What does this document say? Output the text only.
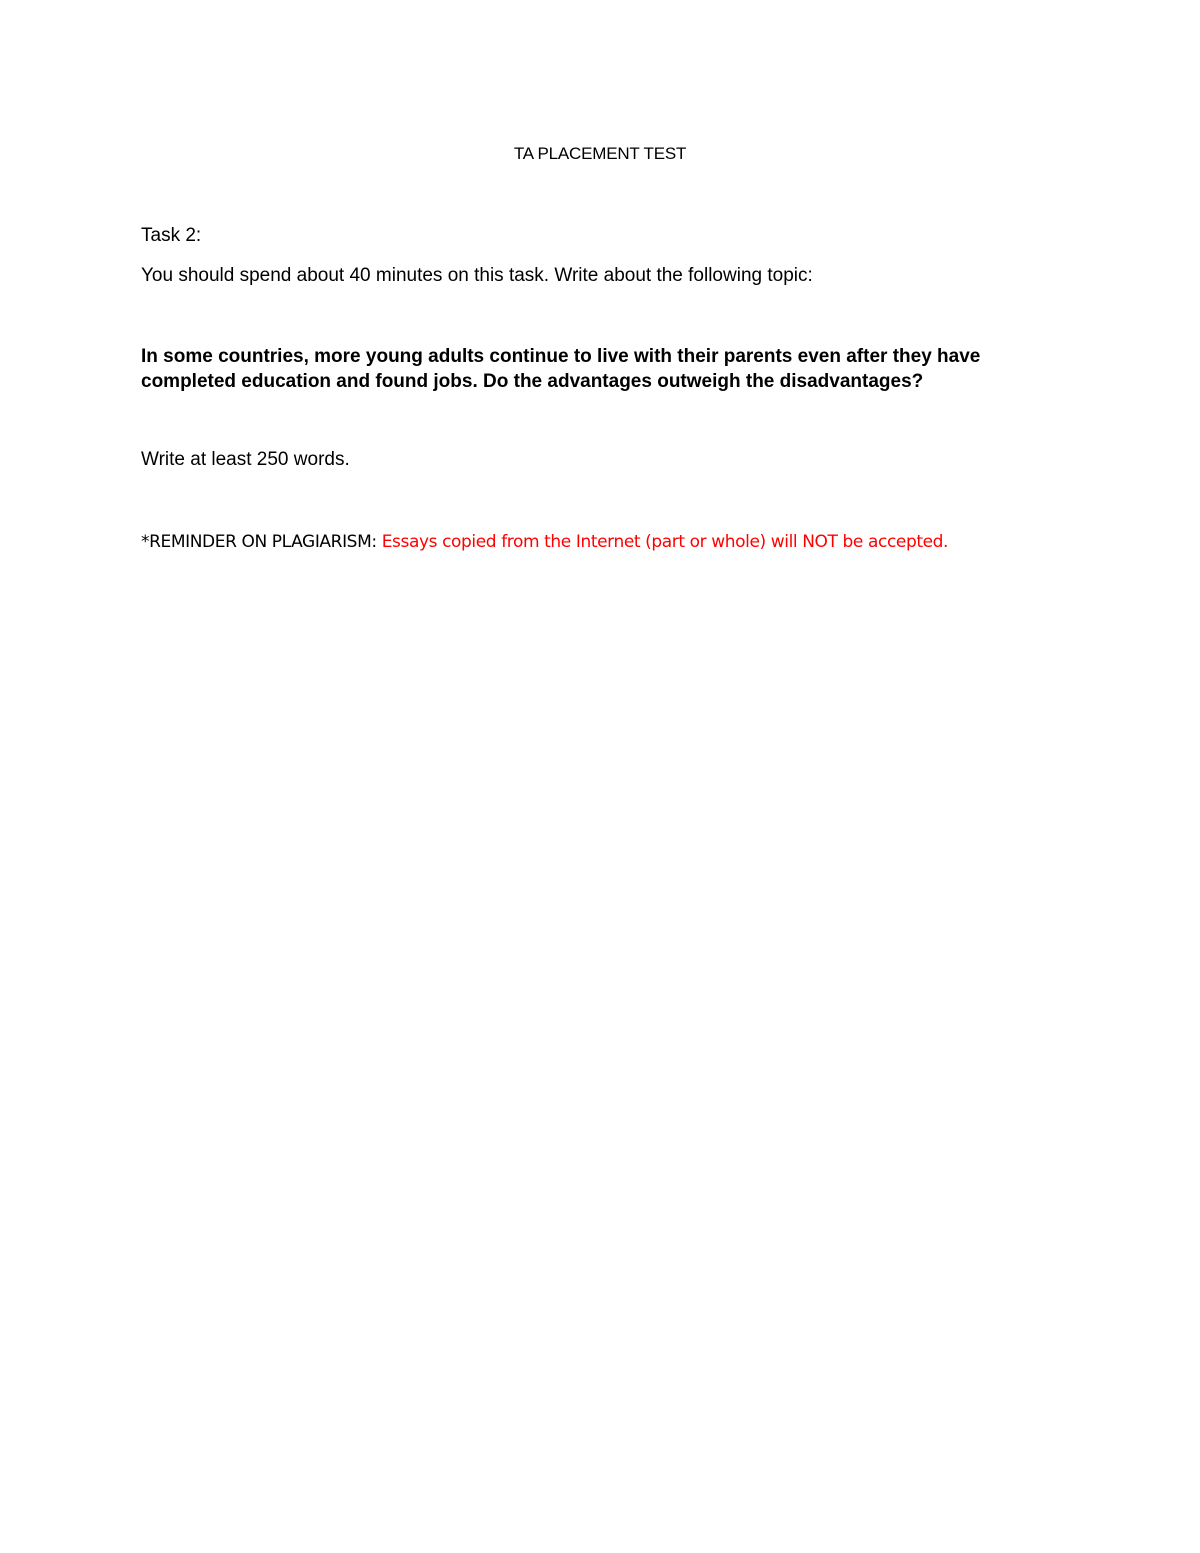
TA PLACEMENT TEST

Task 2:

You should spend about 40 minutes on this task. Write about the following topic:

In some countries, more young adults continue to live with their parents even after they have
completed education and found jobs. Do the advantages outweigh the disadvantages?

Write at least 250 words.

*REMINDER ON PLAGIARISM: Essays copied from the Internet (part or whole) will NOT be accepted.
